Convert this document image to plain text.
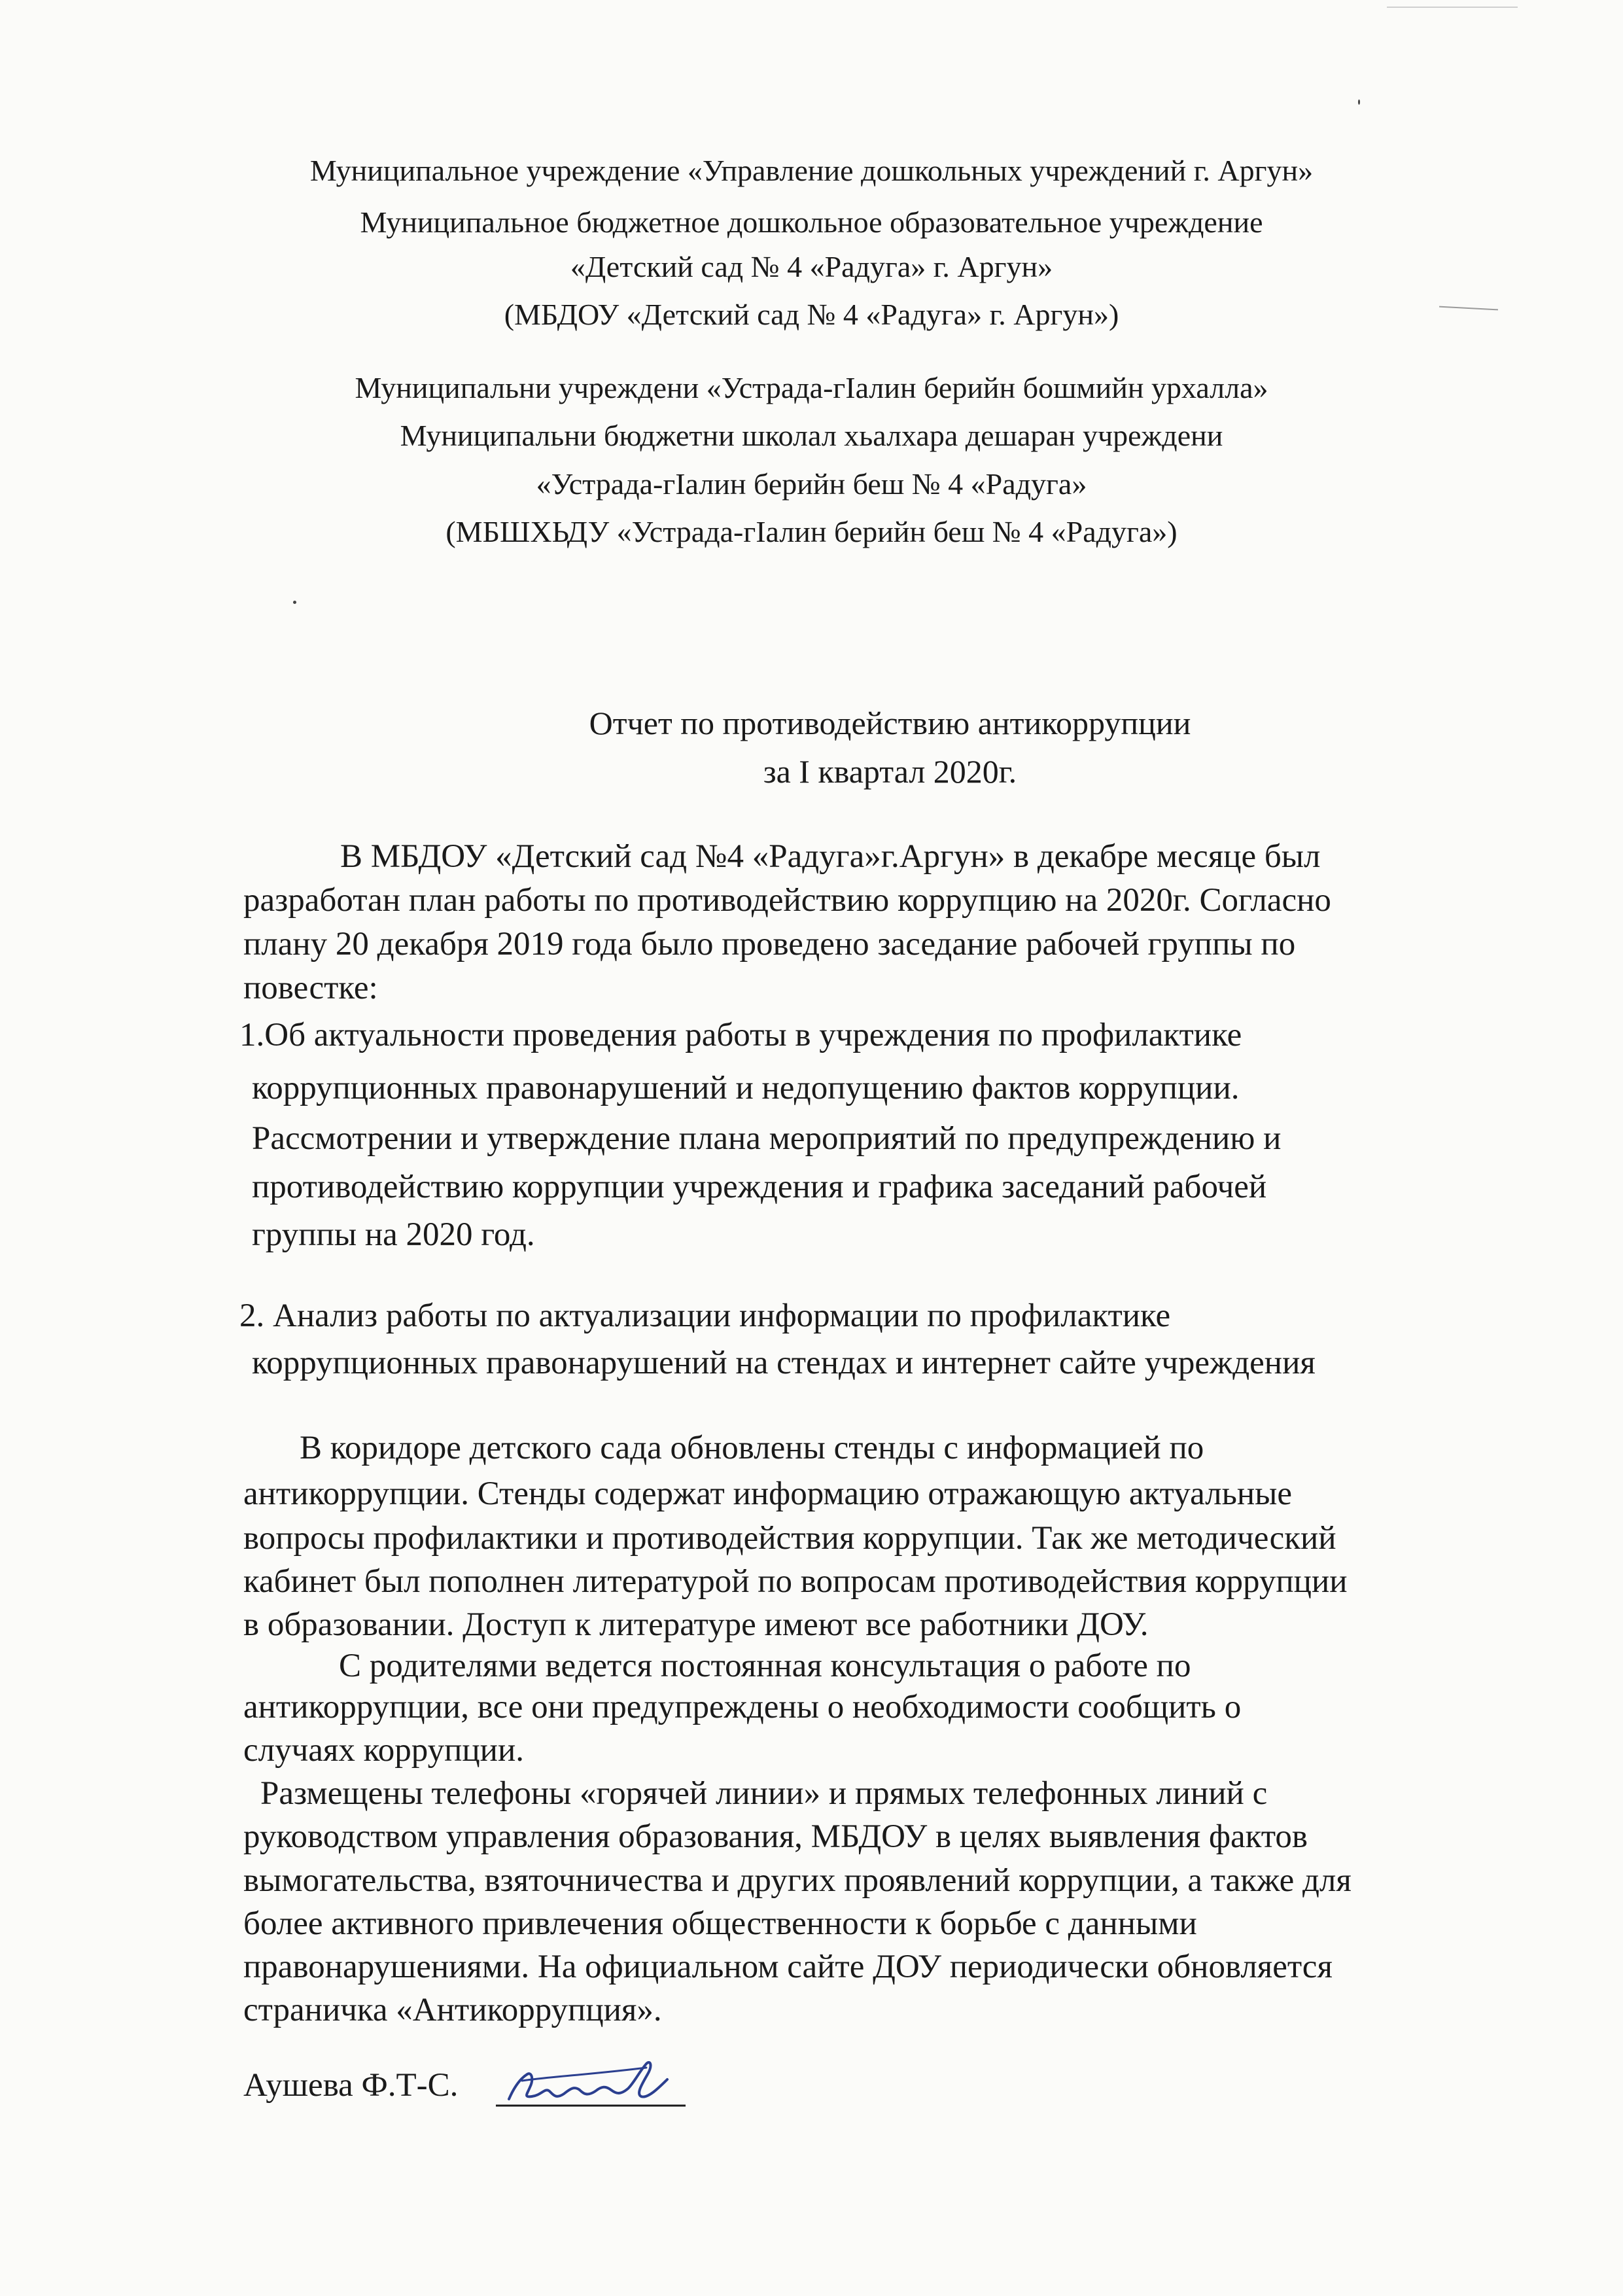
Муниципальное учреждение «Управление дошкольных учреждений г. Аргун»
Муниципальное бюджетное дошкольное образовательное учреждение
«Детский сад № 4 «Радуга» г. Аргун»
(МБДОУ «Детский сад № 4 «Радуга» г. Аргун»)
Муниципальни учреждени «Устрада-гIалин берийн бошмийн урхалла»
Муниципальни бюджетни школал хьалхара дешаран учреждени
«Устрада-гIалин берийн беш № 4 «Радуга»
(МБШХЬДУ «Устрада-гIалин берийн беш № 4 «Радуга»)
Отчет по противодействию антикоррупции
за I квартал 2020г.
В МБДОУ «Детский сад №4 «Радуга»г.Аргун» в декабре месяце был
разработан план работы по противодействию коррупцию на 2020г. Согласно
плану 20 декабря 2019 года было проведено заседание рабочей группы по
повестке:
1.Об актуальности проведения работы в учреждения по профилактике
коррупционных правонарушений и недопущению фактов коррупции.
Рассмотрении и утверждение плана мероприятий по предупреждению и
противодействию коррупции учреждения и графика заседаний рабочей
группы на 2020 год.
2. Анализ работы по актуализации информации по профилактике
коррупционных правонарушений на стендах и интернет сайте учреждения
В коридоре детского сада обновлены стенды с информацией по
антикоррупции. Стенды содержат информацию отражающую актуальные
вопросы профилактики и противодействия коррупции. Так же методический
кабинет был пополнен литературой по вопросам противодействия коррупции
в образовании. Доступ к литературе имеют все работники ДОУ.
С родителями ведется постоянная консультация о работе по
антикоррупции, все они предупреждены о необходимости сообщить о
случаях коррупции.
Размещены телефоны «горячей линии» и прямых телефонных линий с
руководством управления образования, МБДОУ в целях выявления фактов
вымогательства, взяточничества и других проявлений коррупции, а также для
более активного привлечения общественности к борьбе с данными
правонарушениями. На официальном сайте ДОУ периодически обновляется
страничка «Антикоррупция».
Аушева Ф.Т-С.
